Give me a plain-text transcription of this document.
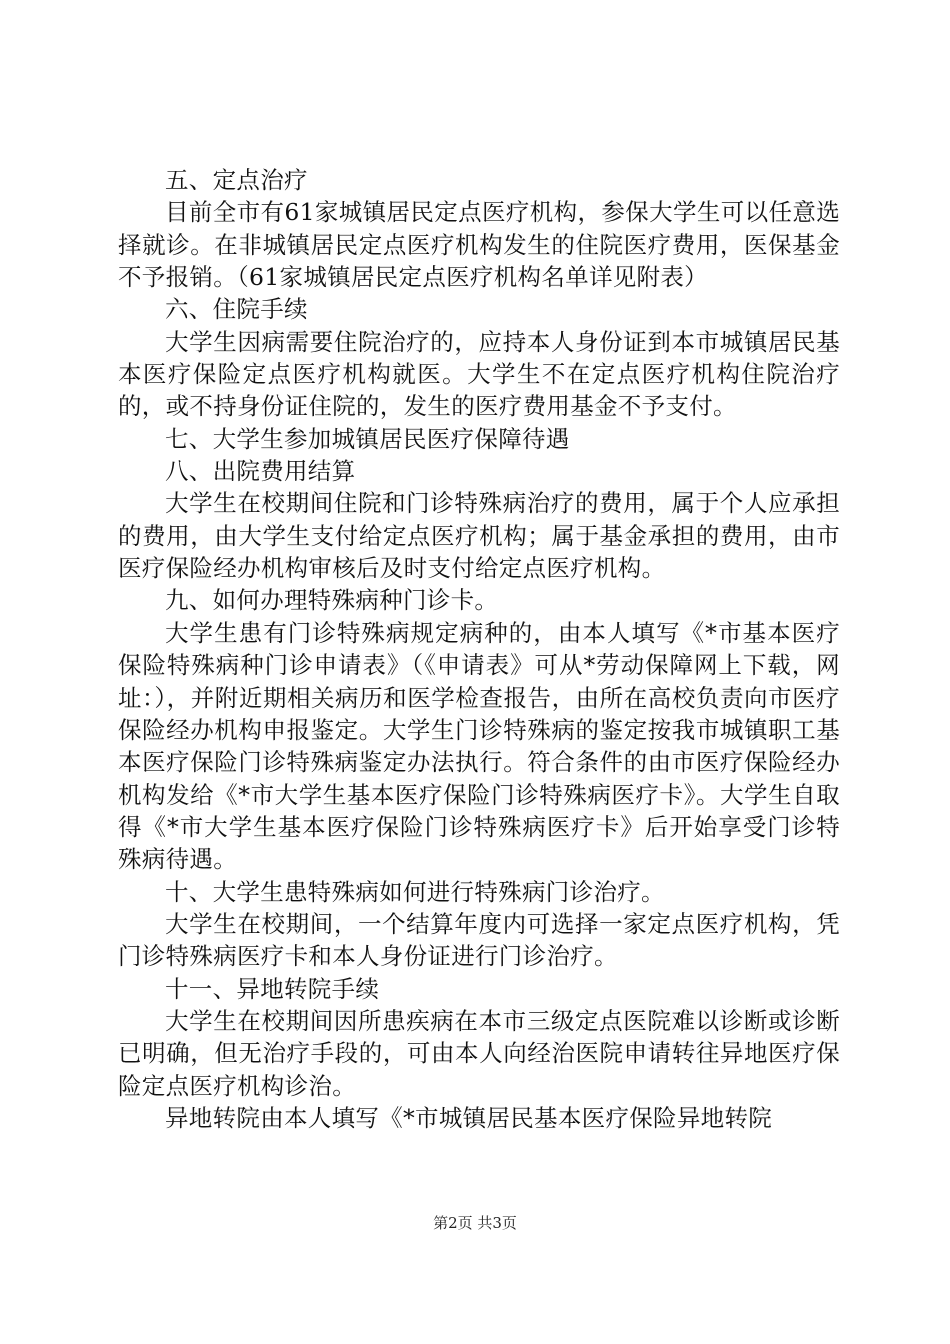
五、定点治疗

目前全市有61家城镇居民定点医疗机构，参保大学生可以任意选择就诊。在非城镇居民定点医疗机构发生的住院医疗费用，医保基金不予报销。（61家城镇居民定点医疗机构名单详见附表）

六、住院手续

大学生因病需要住院治疗的，应持本人身份证到本市城镇居民基本医疗保险定点医疗机构就医。大学生不在定点医疗机构住院治疗的，或不持身份证住院的，发生的医疗费用基金不予支付。

七、大学生参加城镇居民医疗保障待遇

八、出院费用结算

大学生在校期间住院和门诊特殊病治疗的费用，属于个人应承担的费用，由大学生支付给定点医疗机构；属于基金承担的费用，由市医疗保险经办机构审核后及时支付给定点医疗机构。

九、如何办理特殊病种门诊卡。

大学生患有门诊特殊病规定病种的，由本人填写《*市基本医疗保险特殊病种门诊申请表》（《申请表》可从*劳动保障网上下载，网址：），并附近期相关病历和医学检查报告，由所在高校负责向市医疗保险经办机构申报鉴定。大学生门诊特殊病的鉴定按我市城镇职工基本医疗保险门诊特殊病鉴定办法执行。符合条件的由市医疗保险经办机构发给《*市大学生基本医疗保险门诊特殊病医疗卡》。大学生自取得《*市大学生基本医疗保险门诊特殊病医疗卡》后开始享受门诊特殊病待遇。

十、大学生患特殊病如何进行特殊病门诊治疗。

大学生在校期间，一个结算年度内可选择一家定点医疗机构，凭门诊特殊病医疗卡和本人身份证进行门诊治疗。

十一、异地转院手续

大学生在校期间因所患疾病在本市三级定点医院难以诊断或诊断已明确，但无治疗手段的，可由本人向经治医院申请转往异地医疗保险定点医疗机构诊治。

异地转院由本人填写《*市城镇居民基本医疗保险异地转院

第2页 共3页
